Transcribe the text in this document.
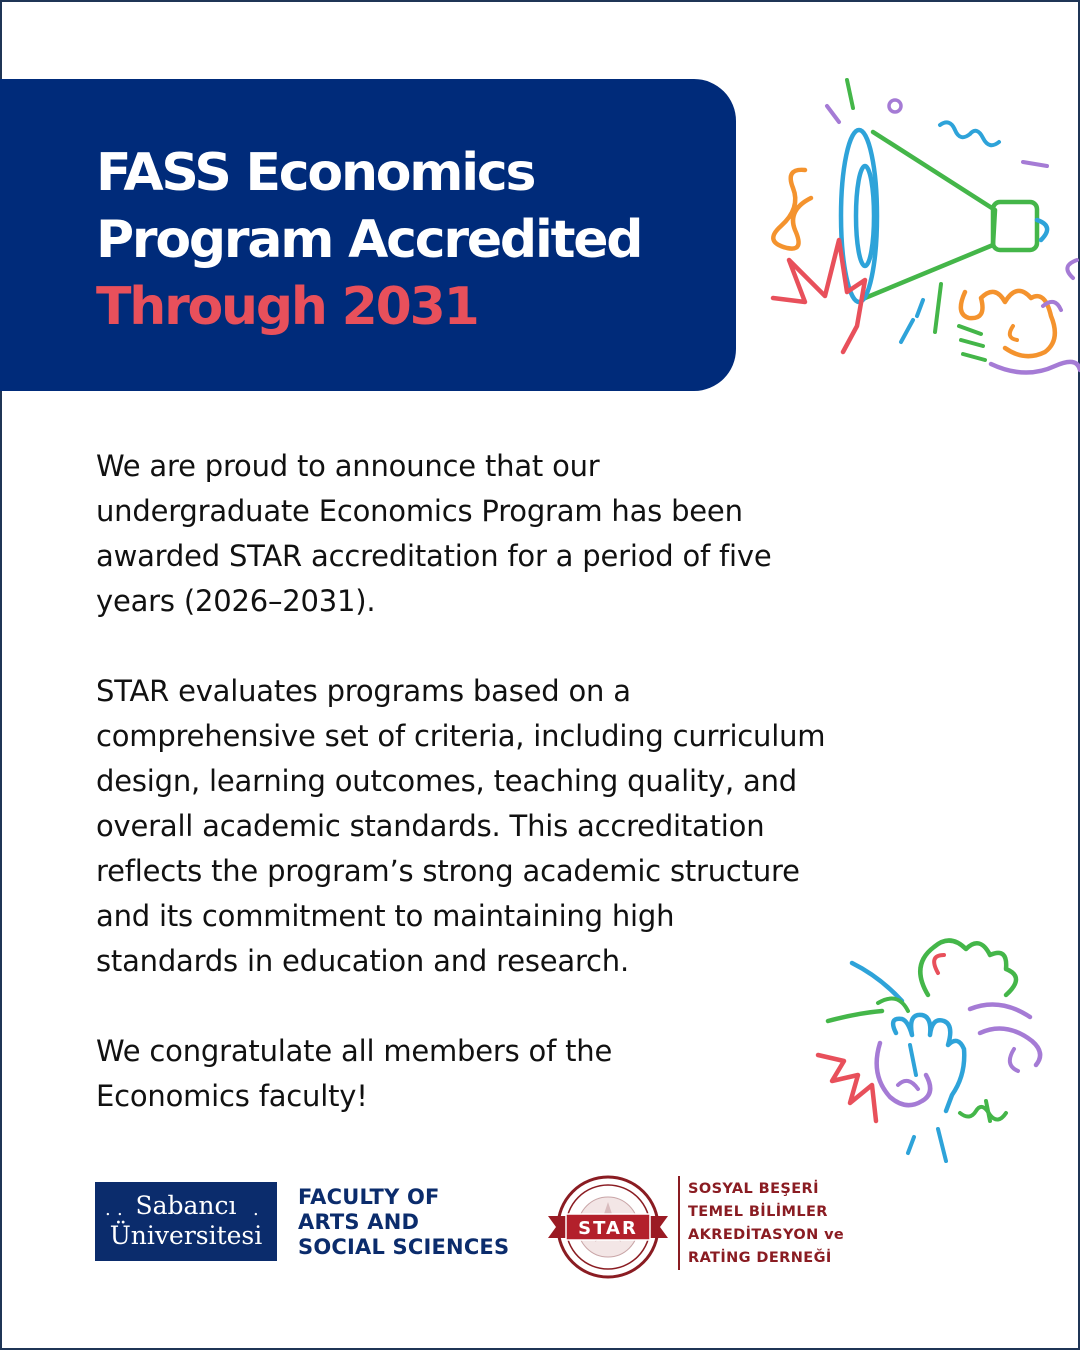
FASS Economics
Program Accredited
Through 2031
We are proud to announce that our
undergraduate Economics Program has been
awarded STAR accreditation for a period of five
years (2026–2031).
STAR evaluates programs based on a
comprehensive set of criteria, including curriculum
design, learning outcomes, teaching quality, and
overall academic standards. This accreditation
reflects the program’s strong academic structure
and its commitment to maintaining high
standards in education and research.
We congratulate all members of the
Economics faculty!
. .	.
Sabancı
Üniversitesi
FACULTY OF
ARTS AND
SOCIAL SCIENCES
STAR
SOSYAL BEŞERİ
TEMEL BİLİMLER
AKREDİTASYON ve
RATİNG DERNEĞİ
